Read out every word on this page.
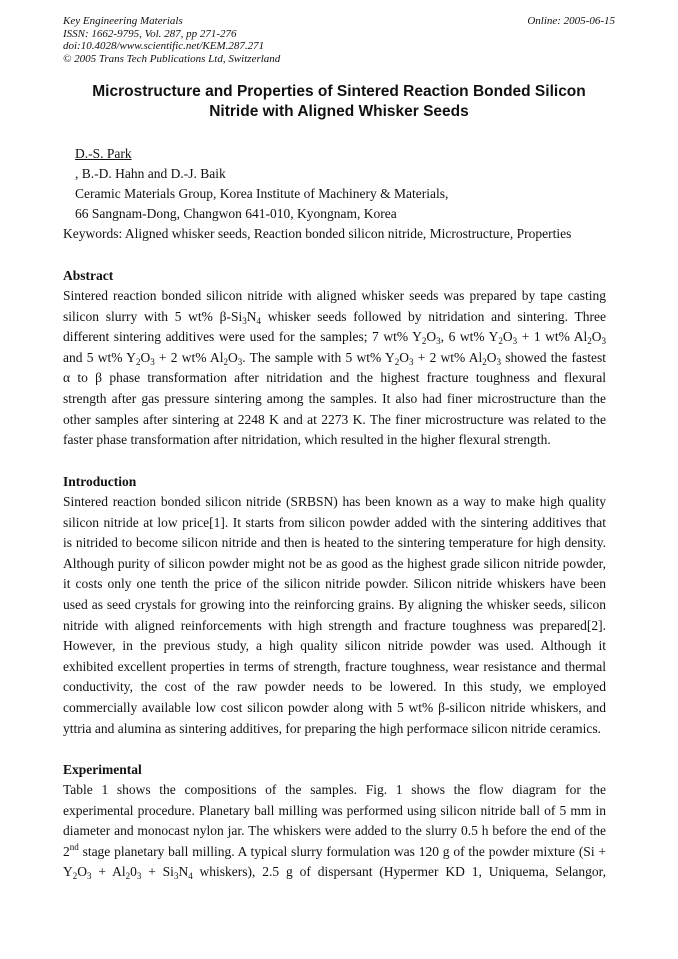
Key Engineering Materials
ISSN: 1662-9795, Vol. 287, pp 271-276
doi:10.4028/www.scientific.net/KEM.287.271
© 2005 Trans Tech Publications Ltd, Switzerland
Online: 2005-06-15
Microstructure and Properties of Sintered Reaction Bonded Silicon
Nitride with Aligned Whisker Seeds
D.-S. Park
, B.-D. Hahn and D.-J. Baik
Ceramic Materials Group, Korea Institute of Machinery & Materials,
66 Sangnam-Dong, Changwon 641-010, Kyongnam, Korea
Keywords: Aligned whisker seeds, Reaction bonded silicon nitride, Microstructure, Properties
Abstract
Sintered reaction bonded silicon nitride with aligned whisker seeds was prepared by tape casting
silicon slurry with 5 wt% $\beta-Si_3N_4$ whisker seeds followed by nitridation and sintering. Three
different sintering additives were used for the samples; 7 wt% $Y_2O_3$, 6 wt% $Y_2O_3 + 1$ wt% $Al_2O_3$
and 5 wt% $Y_2O_3 + 2$ wt% $Al_2O_3$. The sample with 5 wt% $Y_2O_3 + 2$ wt% $Al_2O_3$ showed the fastest
α to β phase transformation after nitridation and the highest fracture toughness and flexural
strength after gas pressure sintering among the samples. It also had finer microstructure than the
other samples after sintering at 2248 K and at 2273 K. The finer microstructure was related to the
faster phase transformation after nitridation, which resulted in the higher flexural strength.
Introduction
Sintered reaction bonded silicon nitride (SRBSN) has been known as a way to make high quality
silicon nitride at low price[1]. It starts from silicon powder added with the sintering additives that
is nitrided to become silicon nitride and then is heated to the sintering temperature for high density.
Although purity of silicon powder might not be as good as the highest grade silicon nitride powder,
it costs only one tenth the price of the silicon nitride powder. Silicon nitride whiskers have been
used as seed crystals for growing into the reinforcing grains. By aligning the whisker seeds, silicon
nitride with aligned reinforcements with high strength and fracture toughness was prepared[2].
However, in the previous study, a high quality silicon nitride powder was used. Although it
exhibited excellent properties in terms of strength, fracture toughness, wear resistance and thermal
conductivity, the cost of the raw powder needs to be lowered. In this study, we employed
commercially available low cost silicon powder along with 5 wt% β-silicon nitride whiskers, and
yttria and alumina as sintering additives, for preparing the high performace silicon nitride ceramics.
Experimental
Table 1 shows the compositions of the samples. Fig. 1 shows the flow diagram for the
experimental procedure. Planetary ball milling was performed using silicon nitride ball of 5 mm in
diameter and monocast nylon jar. The whiskers were added to the slurry 0.5 h before the end of the
2nd stage planetary ball milling. A typical slurry formulation was 120 g of the powder mixture (Si +
$Y_2O_3 + Al_20_3 + Si_3N_4$ whiskers), 2.5 g of dispersant (Hypermer KD 1, Uniquema, Selangor,
